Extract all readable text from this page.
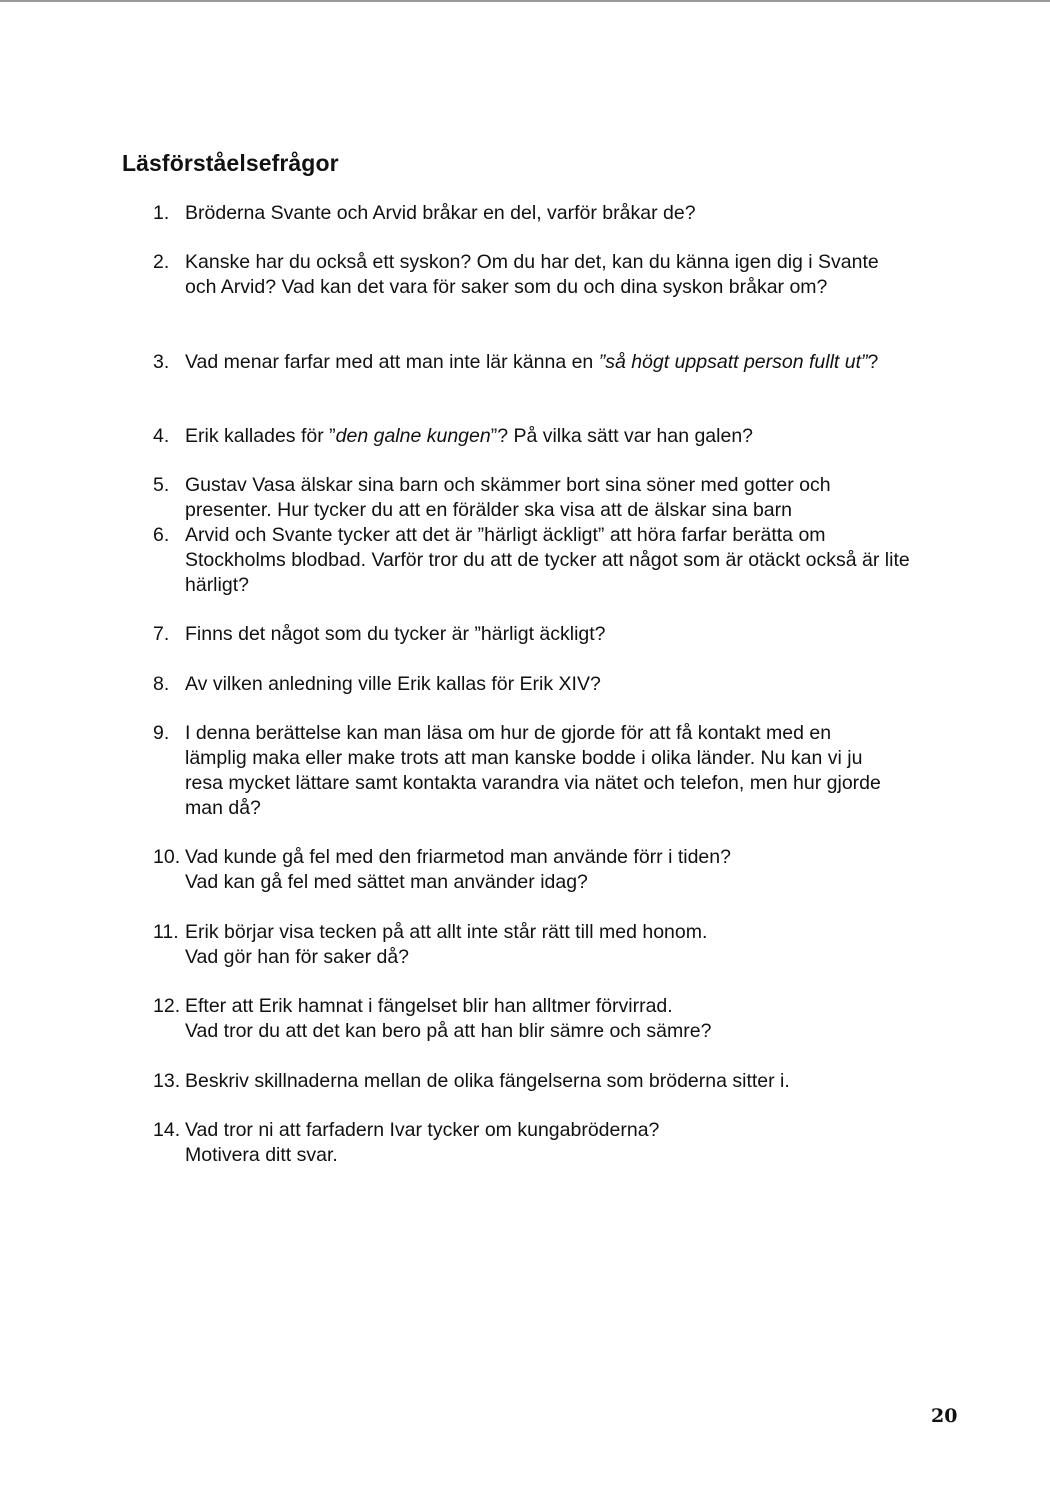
Läsförståelsefrågor
1. Bröderna Svante och Arvid bråkar en del, varför bråkar de?
2. Kanske har du också ett syskon? Om du har det, kan du känna igen dig i Svante och Arvid? Vad kan det vara för saker som du och dina syskon bråkar om?
3. Vad menar farfar med att man inte lär känna en ”så högt uppsatt person fullt ut”?
4. Erik kallades för ”den galne kungen”? På vilka sätt var han galen?
5. Gustav Vasa älskar sina barn och skämmer bort sina söner med gotter och presenter. Hur tycker du att en förälder ska visa att de älskar sina barn
6. Arvid och Svante tycker att det är ”härligt äckligt” att höra farfar berätta om Stockholms blodbad. Varför tror du att de tycker att något som är otäckt också är lite härligt?
7. Finns det något som du tycker är ”härligt äckligt?
8. Av vilken anledning ville Erik kallas för Erik XIV?
9. I denna berättelse kan man läsa om hur de gjorde för att få kontakt med en lämplig maka eller make trots att man kanske bodde i olika länder. Nu kan vi ju resa mycket lättare samt kontakta varandra via nätet och telefon, men hur gjorde man då?
10. Vad kunde gå fel med den friarmetod man använde förr i tiden?
Vad kan gå fel med sättet man använder idag?
11. Erik börjar visa tecken på att allt inte står rätt till med honom.
Vad gör han för saker då?
12. Efter att Erik hamnat i fängelset blir han alltmer förvirrad.
Vad tror du att det kan bero på att han blir sämre och sämre?
13. Beskriv skillnaderna mellan de olika fängelserna som bröderna sitter i.
14. Vad tror ni att farfadern Ivar tycker om kungabröderna?
Motivera ditt svar.
20
